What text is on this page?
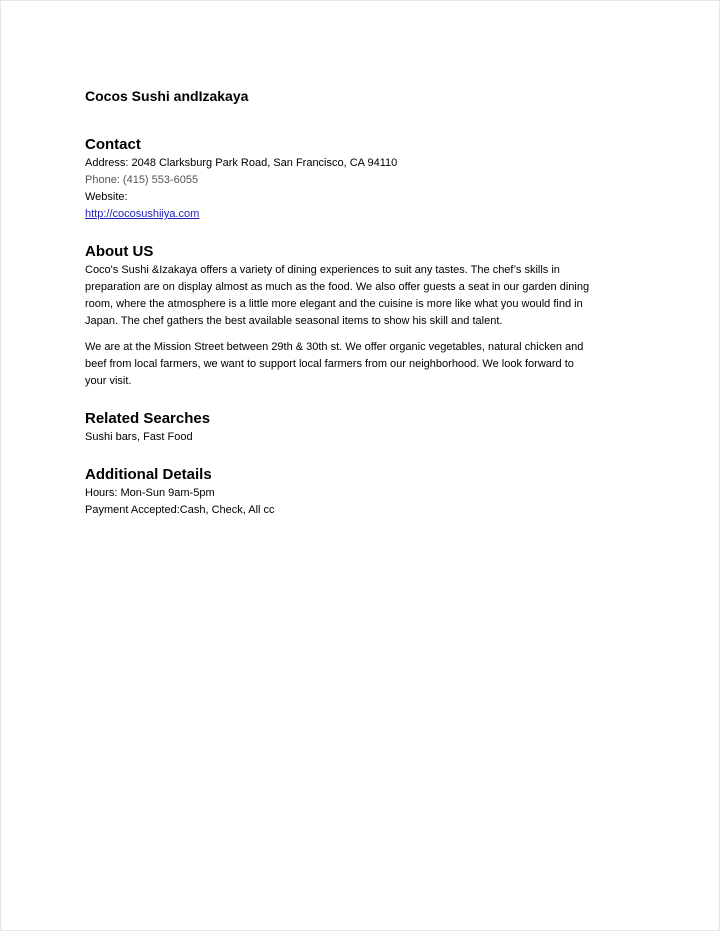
Cocos Sushi andIzakaya
Contact

Address: 2048 Clarksburg Park Road, San Francisco, CA 94110

Phone: (415) 553-6055

Website:

http://cocosushiiya.com

About US

Coco's Sushi &Izakaya offers a variety of dining experiences to suit any tastes. The chef’s skills in

preparation are on display almost as much as the food. We also offer guests a seat in our garden dining

room, where the atmosphere is a little more elegant and the cuisine is more like what you would find in

Japan. The chef gathers the best available seasonal items to show his skill and talent.

We are at the Mission Street between 29th & 30th st. We offer organic vegetables, natural chicken and

beef from local farmers, we want to support local farmers from our neighborhood. We look forward to

your visit.

Related Searches

Sushi bars, Fast Food

Additional Details

Hours: Mon-Sun 9am-5pm

Payment Accepted:Cash, Check, All cc
